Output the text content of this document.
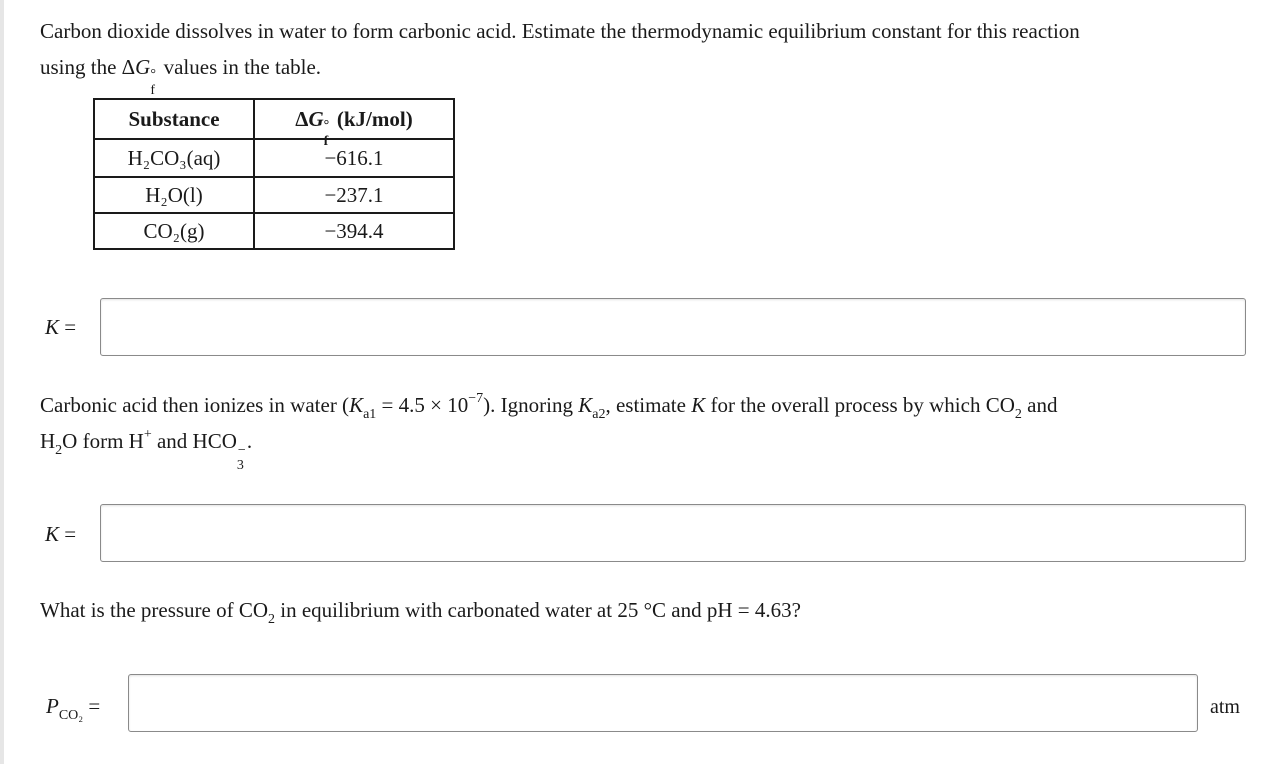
Carbon dioxide dissolves in water to form carbonic acid. Estimate the thermodynamic equilibrium constant for this reaction
using the ΔG °
f
values in the table.
Substance	ΔG °
f
(kJ/mol)
H₂CO₃(aq)	−616.1
H₂O(l)	−237.1
CO₂(g)	−394.4
K =
Carbonic acid then ionizes in water $(K_{a1} = 4.5 \times 10^{-7})$. Ignoring $K_{a2}$, estimate K for the overall process by which $CO_2$ and
$H_2O$ form H+ and HCO −
3
.
K =
What is the pressure of $CO_2$ in equilibrium with carbonated water at 25 °C and pH = 4.63?
$P_{CO_2}$ =	atm
